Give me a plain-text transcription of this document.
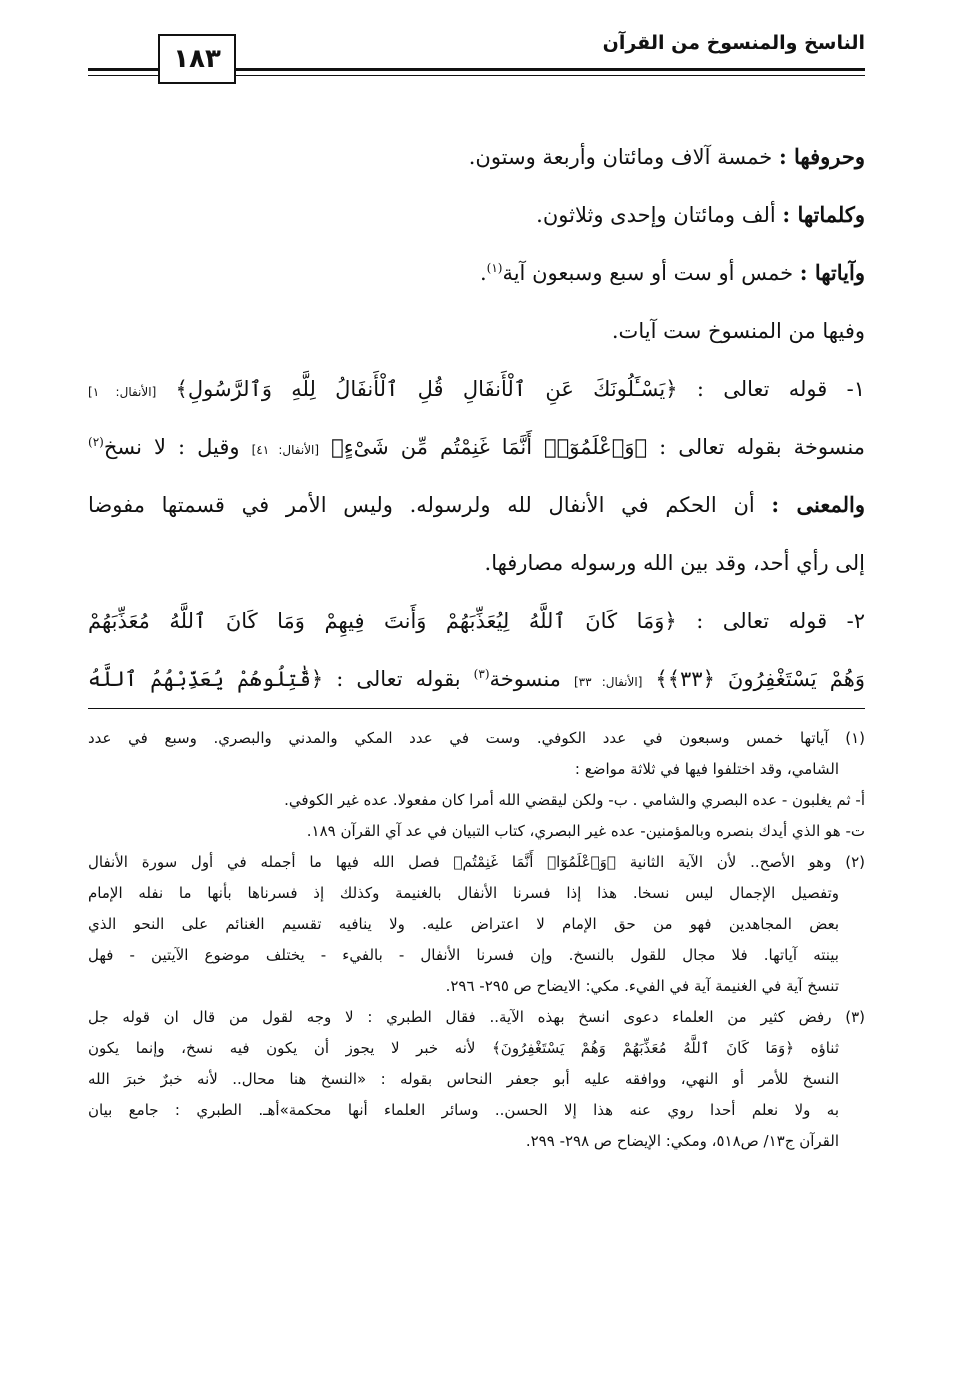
الناسخ والمنسوخ من القرآن
١٨٣
وحروفها : خمسة آلاف ومائتان وأربعة وستون.
وكلماتها : ألف ومائتان وإحدى وثلاثون.
وآياتها : خمس أو ست أو سبع وسبعون آية$^{(١)}$.
وفيها من المنسوخ ست آيات.
١- قوله تعالى : ﴿يَسْـَٔلُونَكَ عَنِ ٱلْأَنفَالِ قُلِ ٱلْأَنفَالُ لِلَّهِ وَٱلرَّسُولِ﴾ [الأنفال: ١]
منسوخة بقوله تعالى : ﴿وَٱعْلَمُوٓا۟ أَنَّمَا غَنِمْتُم مِّن شَىْءٍ﴾ [الأنفال: ٤١] وقيل : لا نسخ$^{(٢)}$
والمعنى : أن الحكم في الأنفال لله ولرسوله. وليس الأمر في قسمتها مفوضا
إلى رأي أحد، وقد بين الله ورسوله مصارفها.
٢- قوله تعالى : ﴿وَمَا كَانَ ٱللَّهُ لِيُعَذِّبَهُمْ وَأَنتَ فِيهِمْ وَمَا كَانَ ٱللَّهُ مُعَذِّبَهُمْ
وَهُمْ يَسْتَغْفِرُونَ ﴿٣٣﴾﴾ [الأنفال: ٣٣] منسوخة$^{(٣)}$ بقوله تعالى : ﴿قَٰتِلُوهُمْ يُعَذِّبْهُمُ ٱللَّهُ
(١) آياتها خمس وسبعون في عدد الكوفي. وست في عدد المكي والمدني والبصري. وسبع في عدد
الشامي، وقد اختلفوا فيها في ثلاثة مواضع :
أ- ثم يغلبون - عده البصري والشامي . ب- ولكن ليقضي الله أمرا كان مفعولا. عده غير الكوفي.
ت- هو الذي أيدك بنصره وبالمؤمنين- عده غير البصري، كتاب التبيان في عد آي القرآن ١٨٩.
(٢) وهو الأصح.. لأن الآية الثانية ﴿وَٱعْلَمُوٓا۟ أَنَّمَا غَنِمْتُم﴾ فصل الله فيها ما أجمله في أول سورة الأنفال
وتفصيل الإجمال ليس نسخا. هذا إذا فسرنا الأنفال بالغنيمة وكذلك إذ فسرناها بأنها ما نفله الإمام
بعض المجاهدين فهو من حق الإمام لا اعتراض عليه. ولا ينافيه تقسيم الغنائم على النحو الذي
بينته آياتها. فلا مجال للقول بالنسخ. وإن فسرنا الأنفال - بالفيء - يختلف موضوع الآيتين - فهل
تنسخ آية في الغنيمة آية في الفيء. مكي: الايضاح ص ٢٩٥- ٢٩٦.
(٣) رفض كثير من العلماء دعوى انسخ بهذه الآية.. فقال الطبري : لا وجه لقول من قال ان قوله جل
ثناؤه ﴿وَمَا كَانَ ٱللَّهُ مُعَذِّبَهُمْ وَهُمْ يَسْتَغْفِرُونَ﴾ لأنه خبر لا يجوز أن يكون فيه نسخ، وإنما يكون
النسخ للأمر أو النهي، ووافقه عليه أبو جعفر النحاس بقوله : «النسخ هنا محال.. لأنه خبرٌ خبرَ الله
به ولا نعلم أحدا روي عنه هذا إلا الحسن.. وسائر العلماء أنها محكمة»أهـ. الطبري : جامع بيان
القرآن ج١٣/ ص٥١٨، ومكي: الإيضاح ص ٢٩٨- ٢٩٩.
